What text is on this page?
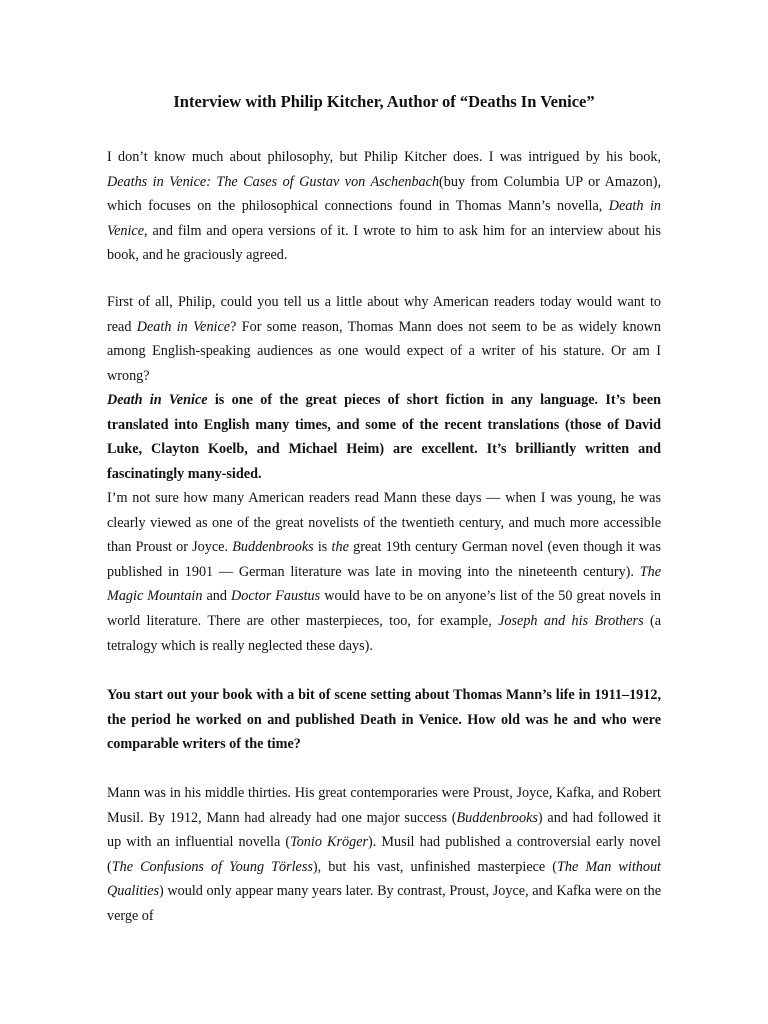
Interview with Philip Kitcher, Author of “Deaths In Venice”

I don’t know much about philosophy, but Philip Kitcher does. I was intrigued by his book, Deaths in Venice: The Cases of Gustav von Aschenbach(buy from Columbia UP or Amazon), which focuses on the philosophical connections found in Thomas Mann’s novella, Death in Venice, and film and opera versions of it. I wrote to him to ask him for an interview about his book, and he graciously agreed.

First of all, Philip, could you tell us a little about why American readers today would want to read Death in Venice? For some reason, Thomas Mann does not seem to be as widely known among English-speaking audiences as one would expect of a writer of his stature. Or am I wrong?

Death in Venice is one of the great pieces of short fiction in any language. It’s been translated into English many times, and some of the recent translations (those of David Luke, Clayton Koelb, and Michael Heim) are excellent. It’s brilliantly written and fascinatingly many-sided.

I’m not sure how many American readers read Mann these days — when I was young, he was clearly viewed as one of the great novelists of the twentieth century, and much more accessible than Proust or Joyce. Buddenbrooks is the great 19th century German novel (even though it was published in 1901 — German literature was late in moving into the nineteenth century). The Magic Mountain and Doctor Faustus would have to be on anyone’s list of the 50 great novels in world literature. There are other masterpieces, too, for example, Joseph and his Brothers (a tetralogy which is really neglected these days).

You start out your book with a bit of scene setting about Thomas Mann’s life in 1911–1912, the period he worked on and published Death in Venice. How old was he and who were comparable writers of the time?

Mann was in his middle thirties. His great contemporaries were Proust, Joyce, Kafka, and Robert Musil. By 1912, Mann had already had one major success (Buddenbrooks) and had followed it up with an influential novella (Tonio Kröger). Musil had published a controversial early novel (The Confusions of Young Törless), but his vast, unfinished masterpiece (The Man without Qualities) would only appear many years later. By contrast, Proust, Joyce, and Kafka were on the verge of
